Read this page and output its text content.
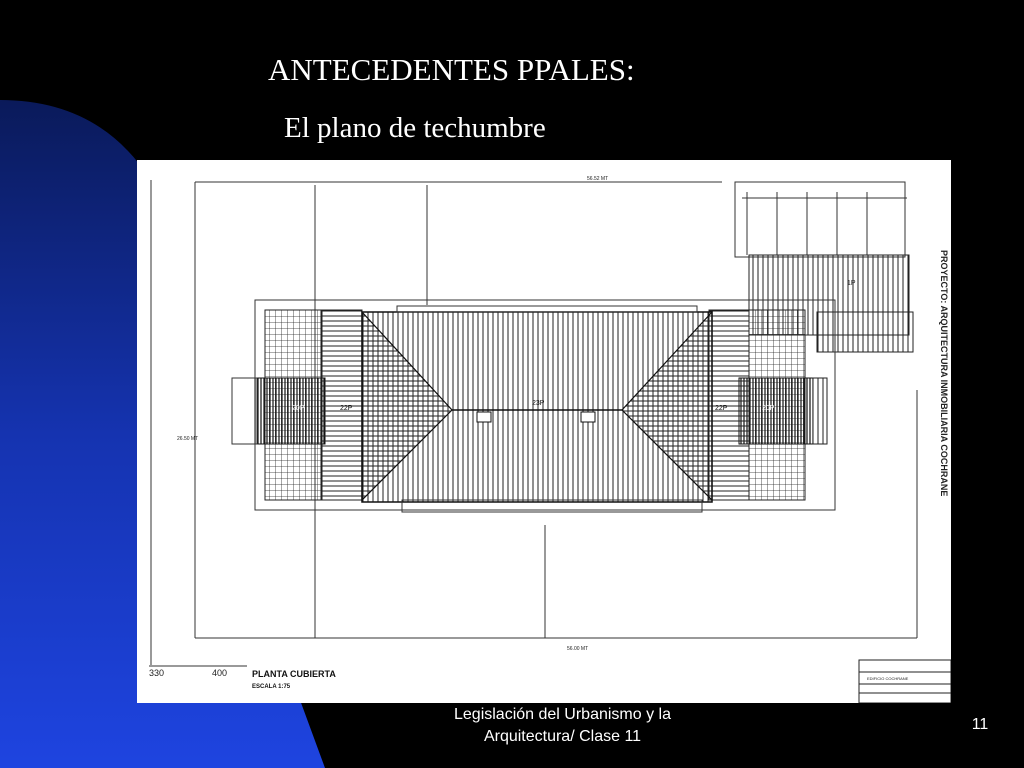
ANTECEDENTES PPALES:
El plano de techumbre
1P
23P
22P	22P
20P	20P
56.52 MT
56.00 MT
26.50 MT	PROYECTO: ARQUITECTURA INMOBILIARIA COCHRANE
330	400	PLANTA CUBIERTA
ESCALA 1:75
EDIFICIO COCHRANE
Legislación del Urbanismo y la
Arquitectura/ Clase 11
11
